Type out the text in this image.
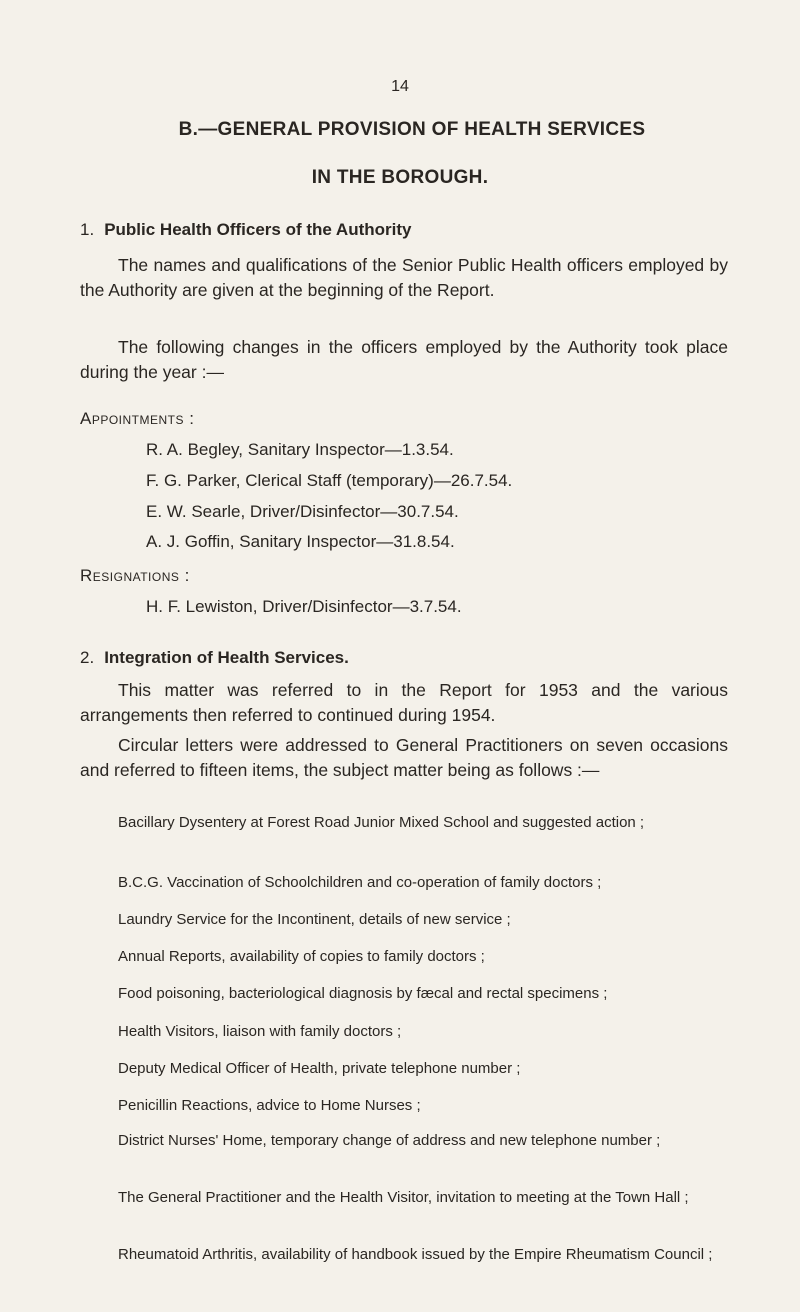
14
B.—GENERAL PROVISION OF HEALTH SERVICES
IN THE BOROUGH.
1. Public Health Officers of the Authority
The names and qualifications of the Senior Public Health officers employed by the Authority are given at the beginning of the Report.
The following changes in the officers employed by the Authority took place during the year :—
Appointments :
R. A. Begley, Sanitary Inspector—1.3.54.
F. G. Parker, Clerical Staff (temporary)—26.7.54.
E. W. Searle, Driver/Disinfector—30.7.54.
A. J. Goffin, Sanitary Inspector—31.8.54.
Resignations :
H. F. Lewiston, Driver/Disinfector—3.7.54.
2. Integration of Health Services.
This matter was referred to in the Report for 1953 and the various arrangements then referred to continued during 1954.
Circular letters were addressed to General Practitioners on seven occasions and referred to fifteen items, the subject matter being as follows :—
Bacillary Dysentery at Forest Road Junior Mixed School and suggested action ;
B.C.G. Vaccination of Schoolchildren and co-operation of family doctors ;
Laundry Service for the Incontinent, details of new service ;
Annual Reports, availability of copies to family doctors ;
Food poisoning, bacteriological diagnosis by fæcal and rectal specimens ;
Health Visitors, liaison with family doctors ;
Deputy Medical Officer of Health, private telephone number ;
Penicillin Reactions, advice to Home Nurses ;
District Nurses' Home, temporary change of address and new telephone number ;
The General Practitioner and the Health Visitor, invitation to meeting at the Town Hall ;
Rheumatoid Arthritis, availability of handbook issued by the Empire Rheumatism Council ;
